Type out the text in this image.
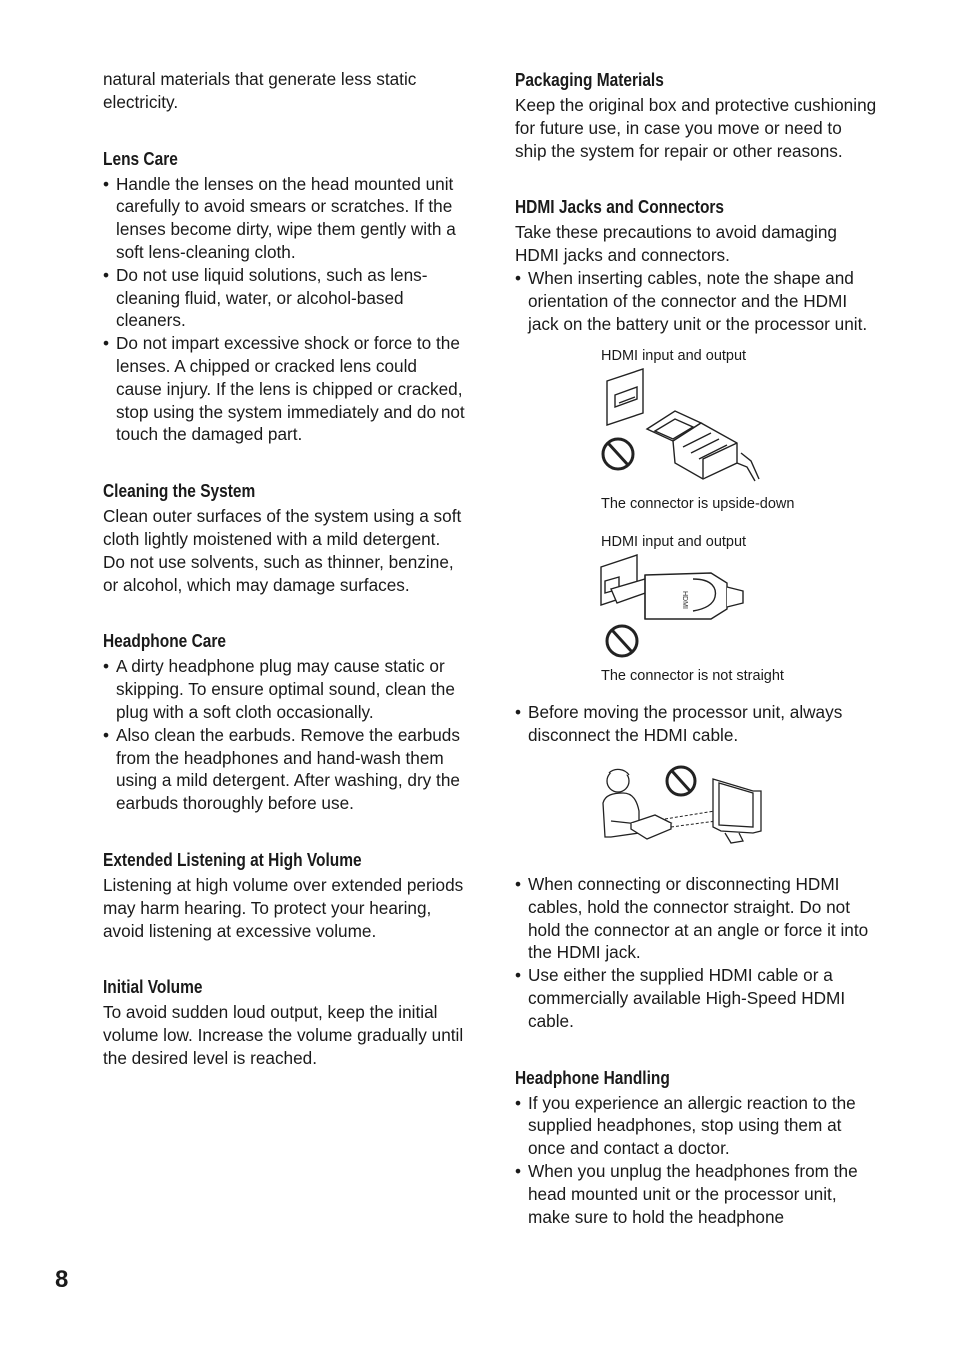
natural materials that generate less static electricity.

Lens Care
• Handle the lenses on the head mounted unit carefully to avoid smears or scratches. If the lenses become dirty, wipe them gently with a soft lens-cleaning cloth.
• Do not use liquid solutions, such as lens-cleaning fluid, water, or alcohol-based cleaners.
• Do not impart excessive shock or force to the lenses. A chipped or cracked lens could cause injury. If the lens is chipped or cracked, stop using the system immediately and do not touch the damaged part.
Cleaning the System

Clean outer surfaces of the system using a soft cloth lightly moistened with a mild detergent. Do not use solvents, such as thinner, benzine, or alcohol, which may damage surfaces.

Headphone Care
• A dirty headphone plug may cause static or skipping. To ensure optimal sound, clean the plug with a soft cloth occasionally.
• Also clean the earbuds. Remove the earbuds from the headphones and hand-wash them using a mild detergent. After washing, dry the earbuds thoroughly before use.
Extended Listening at High Volume

Listening at high volume over extended periods may harm hearing. To protect your hearing, avoid listening at excessive volume.

Initial Volume

To avoid sudden loud output, keep the initial volume low. Increase the volume gradually until the desired level is reached.

Packaging Materials

Keep the original box and protective cushioning for future use, in case you move or need to ship the system for repair or other reasons.

HDMI Jacks and Connectors

Take these precautions to avoid damaging HDMI jacks and connectors.

• When inserting cables, note the shape and orientation of the connector and the HDMI jack on the battery unit or the processor unit.
HDMI input and output
The connector is upside-down
HDMI input and output
HDMI
The connector is not straight
• Before moving the processor unit, always disconnect the HDMI cable.
• When connecting or disconnecting HDMI cables, hold the connector straight. Do not hold the connector at an angle or force it into the HDMI jack.
• Use either the supplied HDMI cable or a commercially available High-Speed HDMI cable.
Headphone Handling
• If you experience an allergic reaction to the supplied headphones, stop using them at once and contact a doctor.
• When you unplug the headphones from the head mounted unit or the processor unit, make sure to hold the headphone
8
